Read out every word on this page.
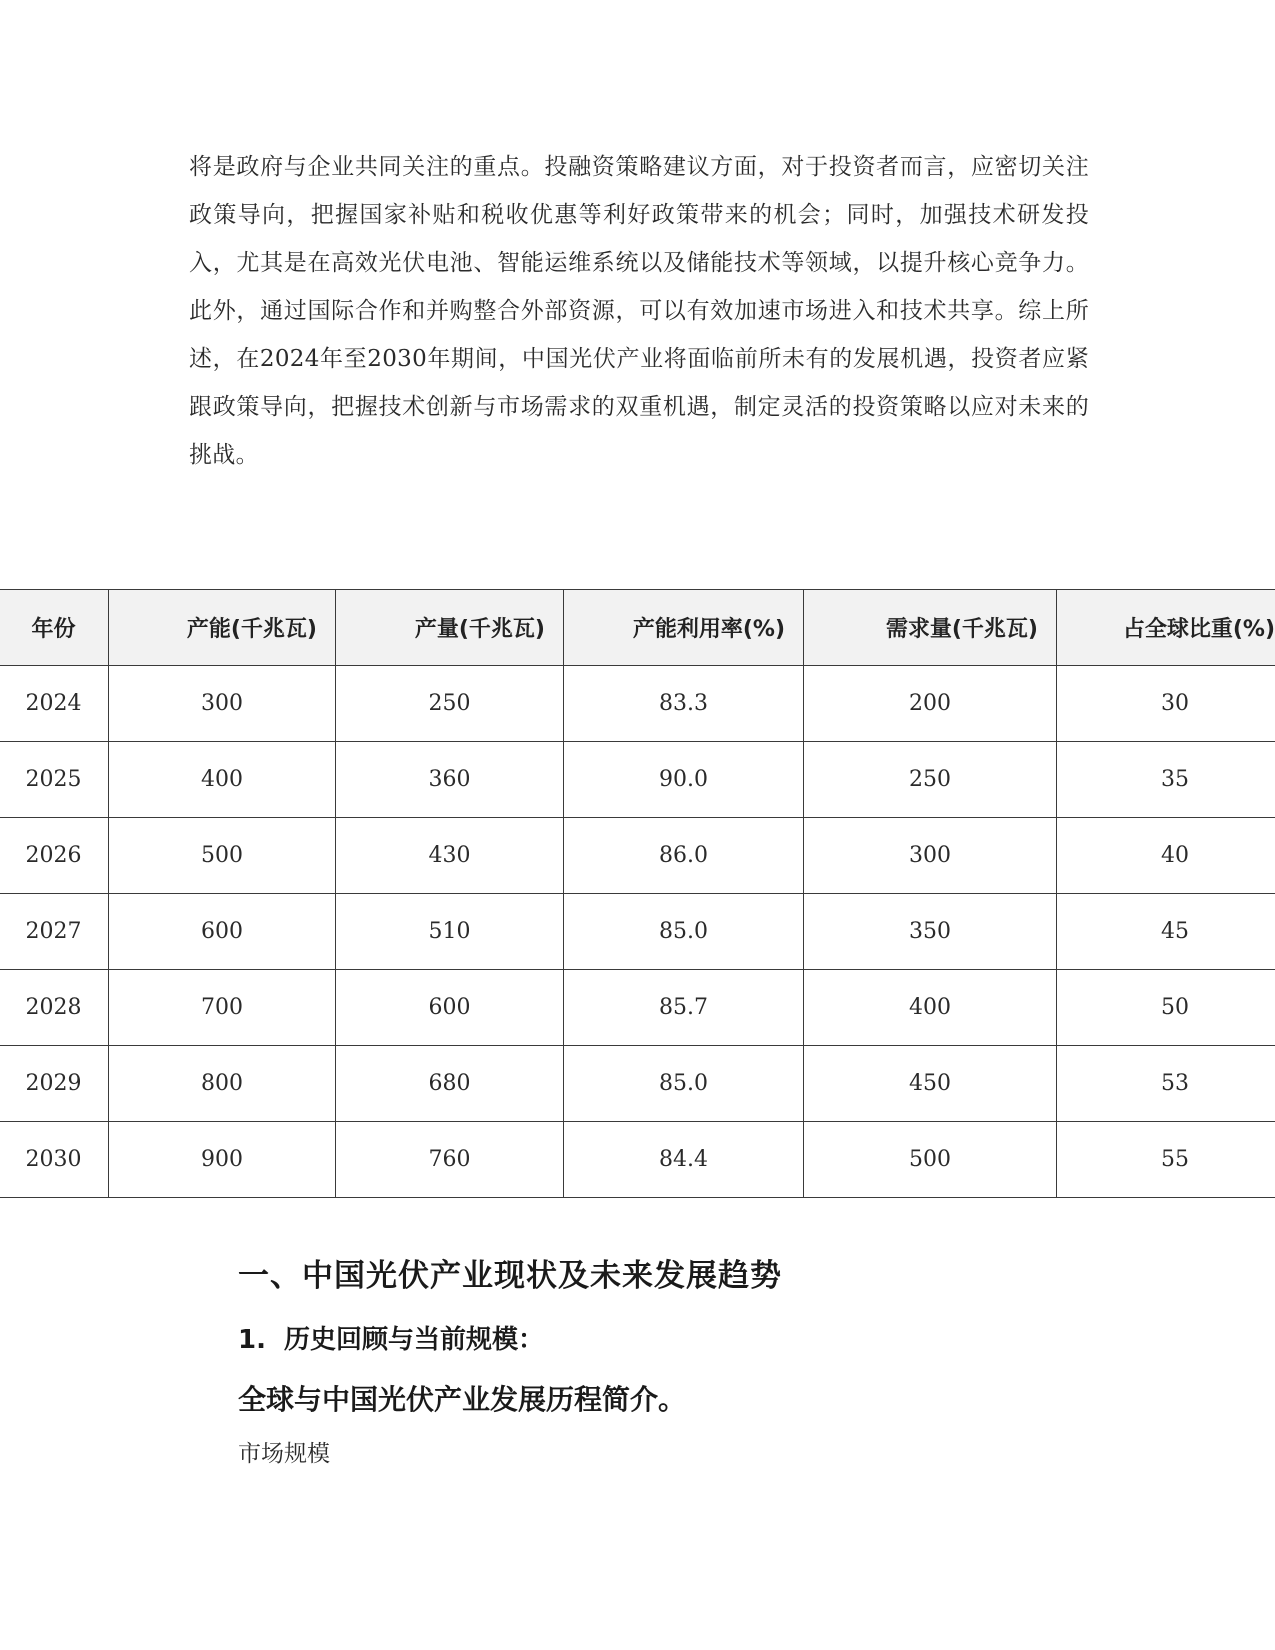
将是政府与企业共同关注的重点。投融资策略建议方面，对于投资者而言，应密切关注政策导向，把握国家补贴和税收优惠等利好政策带来的机会；同时，加强技术研发投入，尤其是在高效光伏电池、智能运维系统以及储能技术等领域，以提升核心竞争力。此外，通过国际合作和并购整合外部资源，可以有效加速市场进入和技术共享。综上所述，在2024年至2030年期间，中国光伏产业将面临前所未有的发展机遇，投资者应紧跟政策导向，把握技术创新与市场需求的双重机遇，制定灵活的投资策略以应对未来的挑战。

年份	产能(千兆瓦)	产量(千兆瓦)	产能利用率(%)	需求量(千兆瓦)	占全球比重(%)
2024	300	250	83.3	200	30
2025	400	360	90.0	250	35
2026	500	430	86.0	300	40
2027	600	510	85.0	350	45
2028	700	600	85.7	400	50
2029	800	680	85.0	450	53
2030	900	760	84.4	500	55
一、中国光伏产业现状及未来发展趋势
1. 历史回顾与当前规模：
全球与中国光伏产业发展历程简介。

市场规模
